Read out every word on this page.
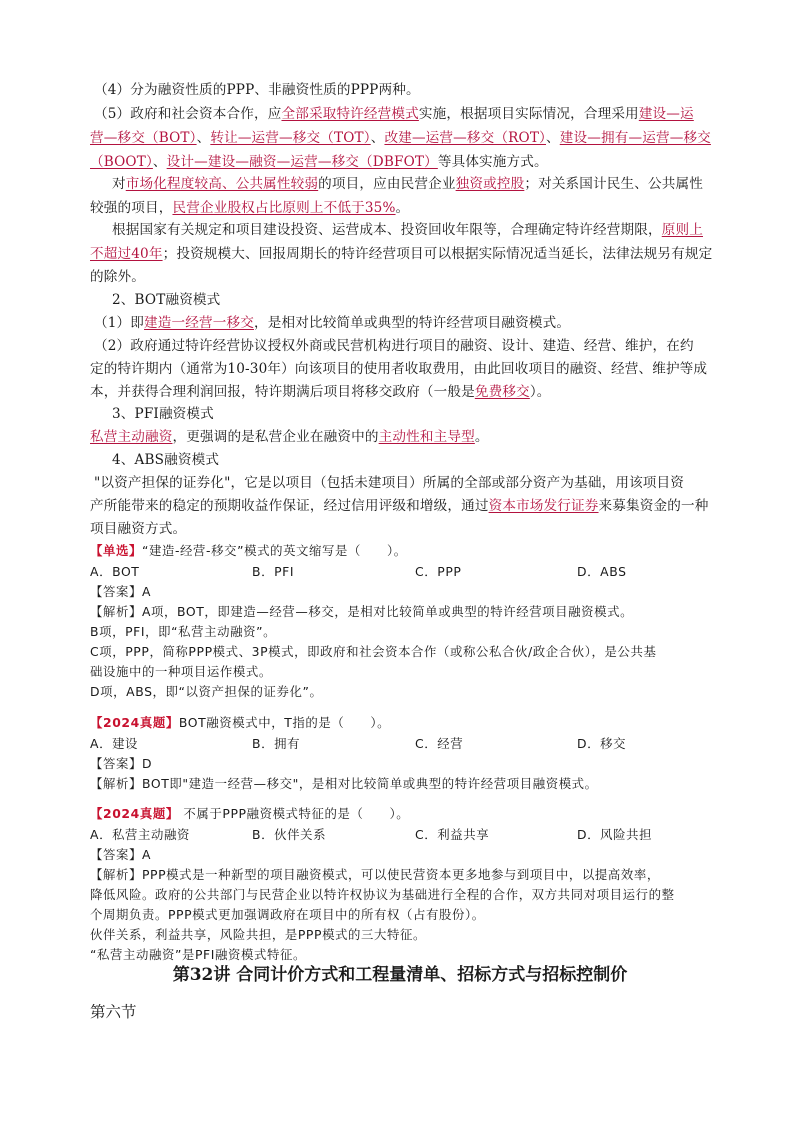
（4）分为融资性质的PPP、非融资性质的PPP两种。
（5）政府和社会资本合作，应全部采取特许经营模式实施，根据项目实际情况，合理采用建设—运
营—移交（BOT）、转让—运营—移交（TOT）、改建—运营—移交（ROT）、建设—拥有—运营—移交
（BOOT）、设计—建设—融资—运营—移交（DBFOT）等具体实施方式。
对市场化程度较高、公共属性较弱的项目，应由民营企业独资或控股；对关系国计民生、公共属性
较强的项目，民营企业股权占比原则上不低于35%。
根据国家有关规定和项目建设投资、运营成本、投资回收年限等，合理确定特许经营期限，原则上
不超过40年；投资规模大、回报周期长的特许经营项目可以根据实际情况适当延长，法律法规另有规定
的除外。
2、BOT融资模式
（1）即建造一经营一移交，是相对比较简单或典型的特许经营项目融资模式。
（2）政府通过特许经营协议授权外商或民营机构进行项目的融资、设计、建造、经营、维护，在约
定的特许期内（通常为10-30年）向该项目的使用者收取费用，由此回收项目的融资、经营、维护等成
本，并获得合理利润回报，特许期满后项目将移交政府（一般是免费移交）。
3、PFI融资模式
私营主动融资，更强调的是私营企业在融资中的主动性和主导型。
4、ABS融资模式
"以资产担保的证券化"，它是以项目（包括未建项目）所属的全部或部分资产为基础，用该项目资
产所能带来的稳定的预期收益作保证，经过信用评级和增级，通过资本市场发行证券来募集资金的一种
项目融资方式。
【单选】“建造-经营-移交”模式的英文缩写是（　　）。
A．BOT	B．PFI	C．PPP	D．ABS
【答案】A
【解析】A项，BOT，即建造—经营—移交，是相对比较简单或典型的特许经营项目融资模式。
B项，PFI，即“私营主动融资”。
C项，PPP，简称PPP模式、3P模式，即政府和社会资本合作（或称公私合伙/政企合伙），是公共基
础设施中的一种项目运作模式。
D项，ABS，即“以资产担保的证券化”。
【2024真题】BOT融资模式中，T指的是（　　）。
A．建设	B．拥有	C．经营	D．移交
【答案】D
【解析】BOT即"建造一经营—移交"，是相对比较简单或典型的特许经营项目融资模式。
【2024真题】 不属于PPP融资模式特征的是（　　）。
A．私营主动融资	B．伙伴关系	C．利益共享	D．风险共担
【答案】A
【解析】PPP模式是一种新型的项目融资模式，可以使民营资本更多地参与到项目中，以提高效率，
降低风险。政府的公共部门与民营企业以特许权协议为基础进行全程的合作，双方共同对项目运行的整
个周期负责。PPP模式更加强调政府在项目中的所有权（占有股份）。
伙伴关系，利益共享，风险共担，是PPP模式的三大特征。
“私营主动融资”是PFI融资模式特征。
第32讲 合同计价方式和工程量清单、招标方式与招标控制价
第六节
